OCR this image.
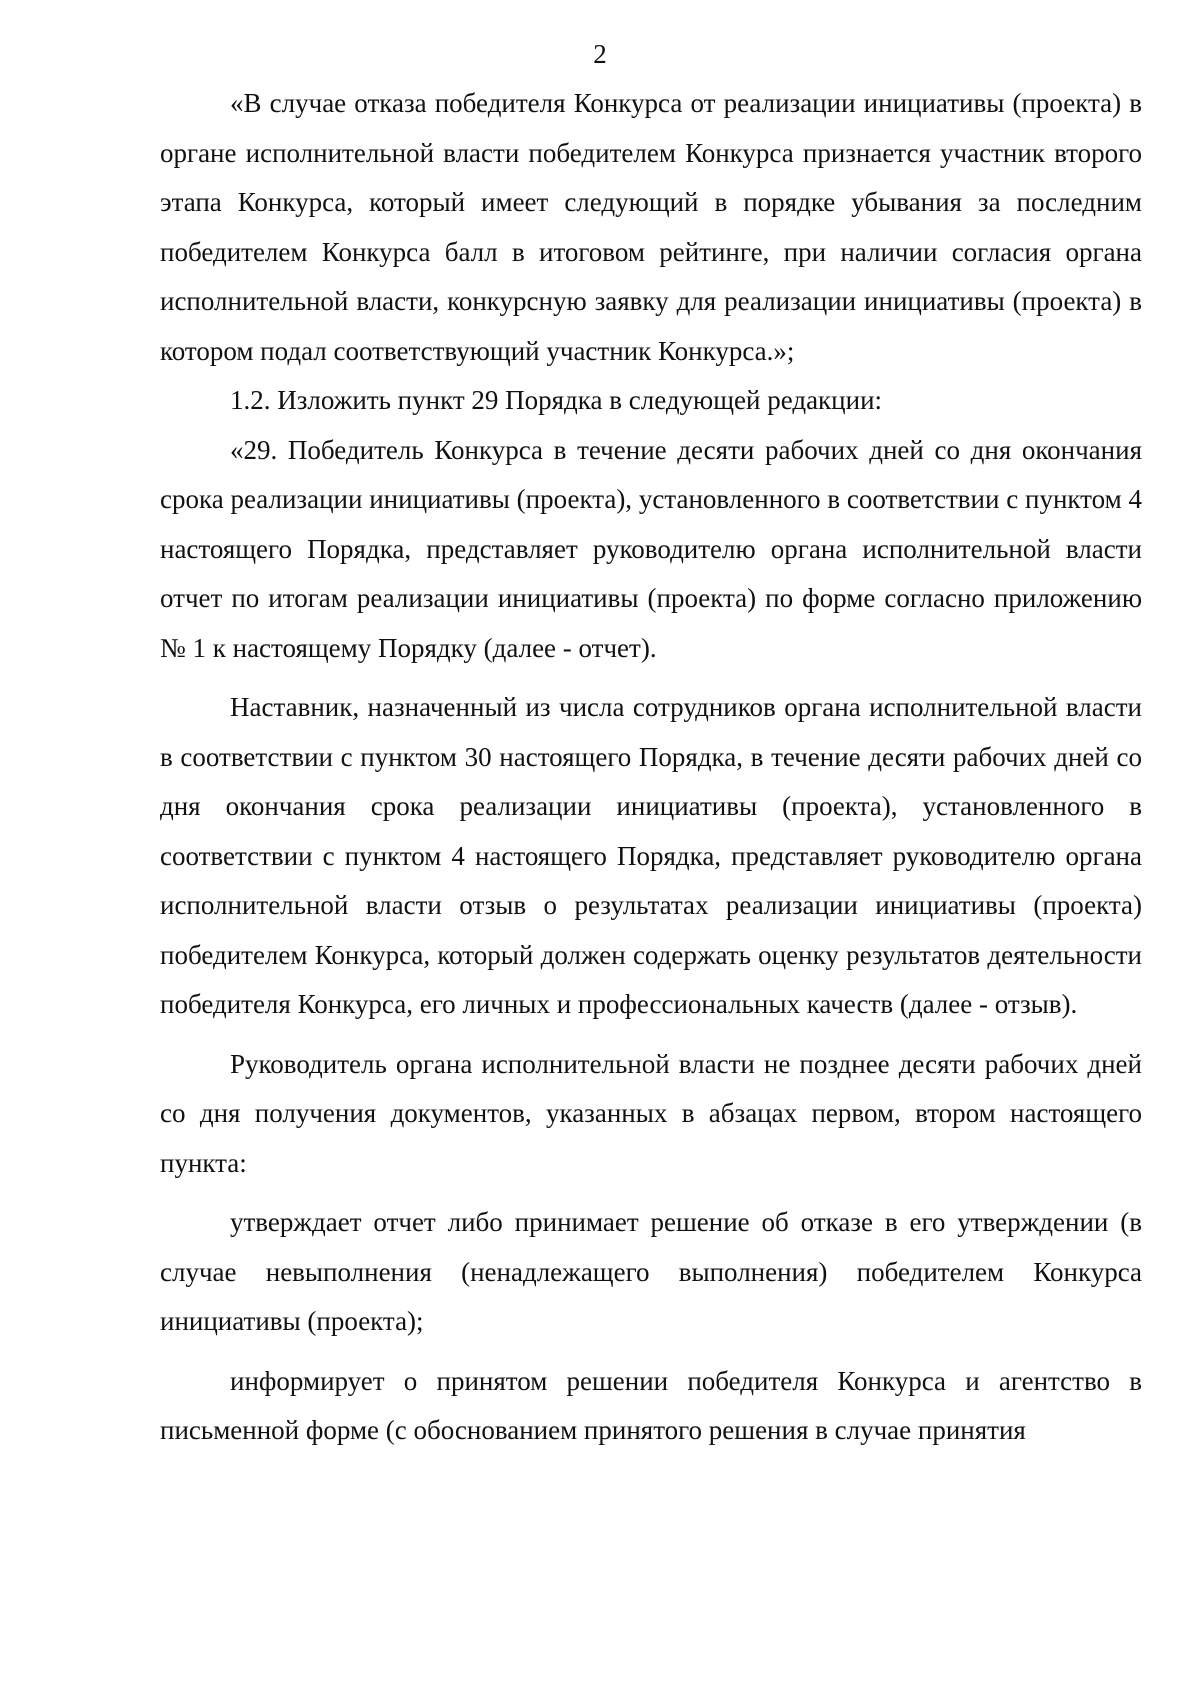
2

«В случае отказа победителя Конкурса от реализации инициативы (проекта) в органе исполнительной власти победителем Конкурса признается участник второго этапа Конкурса, который имеет следующий в порядке убывания за последним победителем Конкурса балл в итоговом рейтинге, при наличии согласия органа исполнительной власти, конкурсную заявку для реализации инициативы (проекта) в котором подал соответствующий участник Конкурса.»;

1.2. Изложить пункт 29 Порядка в следующей редакции:

«29. Победитель Конкурса в течение десяти рабочих дней со дня окончания срока реализации инициативы (проекта), установленного в соответствии с пунктом 4 настоящего Порядка, представляет руководителю органа исполнительной власти отчет по итогам реализации инициативы (проекта) по форме согласно приложению № 1 к настоящему Порядку (далее - отчет).

Наставник, назначенный из числа сотрудников органа исполнительной власти в соответствии с пунктом 30 настоящего Порядка, в течение десяти рабочих дней со дня окончания срока реализации инициативы (проекта), установленного в соответствии с пунктом 4 настоящего Порядка, представляет руководителю органа исполнительной власти отзыв о результатах реализации инициативы (проекта) победителем Конкурса, который должен содержать оценку результатов деятельности победителя Конкурса, его личных и профессиональных качеств (далее - отзыв).

Руководитель органа исполнительной власти не позднее десяти рабочих дней со дня получения документов, указанных в абзацах первом, втором настоящего пункта:

утверждает отчет либо принимает решение об отказе в его утверждении (в случае невыполнения (ненадлежащего выполнения) победителем Конкурса инициативы (проекта);

информирует о принятом решении победителя Конкурса и агентство в письменной форме (с обоснованием принятого решения в случае принятия
